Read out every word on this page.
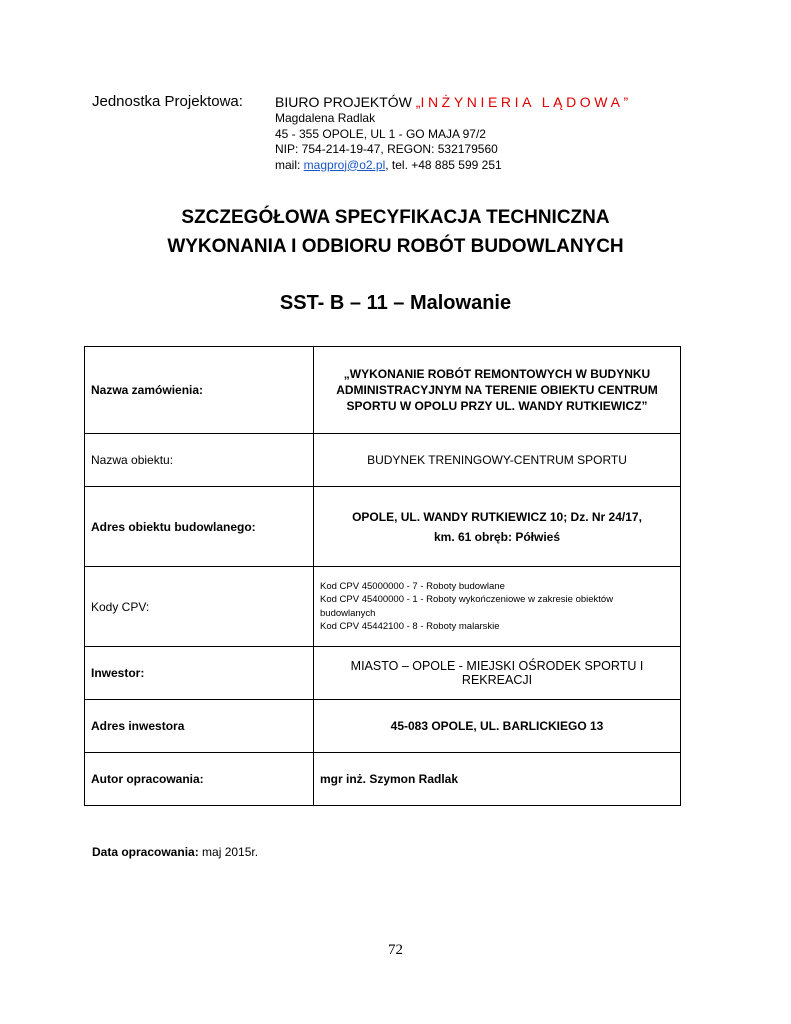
Jednostka Projektowa: BIURO PROJEKTÓW „INŻYNIERIA LĄDOWA”
Magdalena Radlak
45 - 355 OPOLE, UL 1 - GO MAJA 97/2
NIP: 754-214-19-47, REGON: 532179560
mail: magproj@o2.pl, tel. +48 885 599 251
SZCZEGÓŁOWA SPECYFIKACJA TECHNICZNA
WYKONANIA I ODBIORU ROBÓT BUDOWLANYCH
SST- B – 11 – Malowanie
Nazwa zamówienia:	„WYKONANIE ROBÓT REMONTOWYCH W BUDYNKU
ADMINISTRACYJNYM NA TERENIE OBIEKTU CENTRUM
SPORTU W OPOLU PRZY UL. WANDY RUTKIEWICZ”

Nazwa obiektu:	BUDYNEK TRENINGOWY-CENTRUM SPORTU
Adres obiektu budowlanego:	OPOLE, UL. WANDY RUTKIEWICZ 10; Dz. Nr 24/17,
km. 61 obręb: Półwieś

Kody CPV:	Kod CPV 45000000 - 7 - Roboty budowlane
Kod CPV 45400000 - 1 - Roboty wykończeniowe w zakresie obiektów
budowlanych
Kod CPV 45442100 - 8 - Roboty malarskie

Inwestor:	MIASTO – OPOLE - MIEJSKI OŚRODEK SPORTU I REKREACJI
Adres inwestora	45-083 OPOLE, UL. BARLICKIEGO 13
Autor opracowania:	mgr inż. Szymon Radlak
Data opracowania: maj 2015r.
72
